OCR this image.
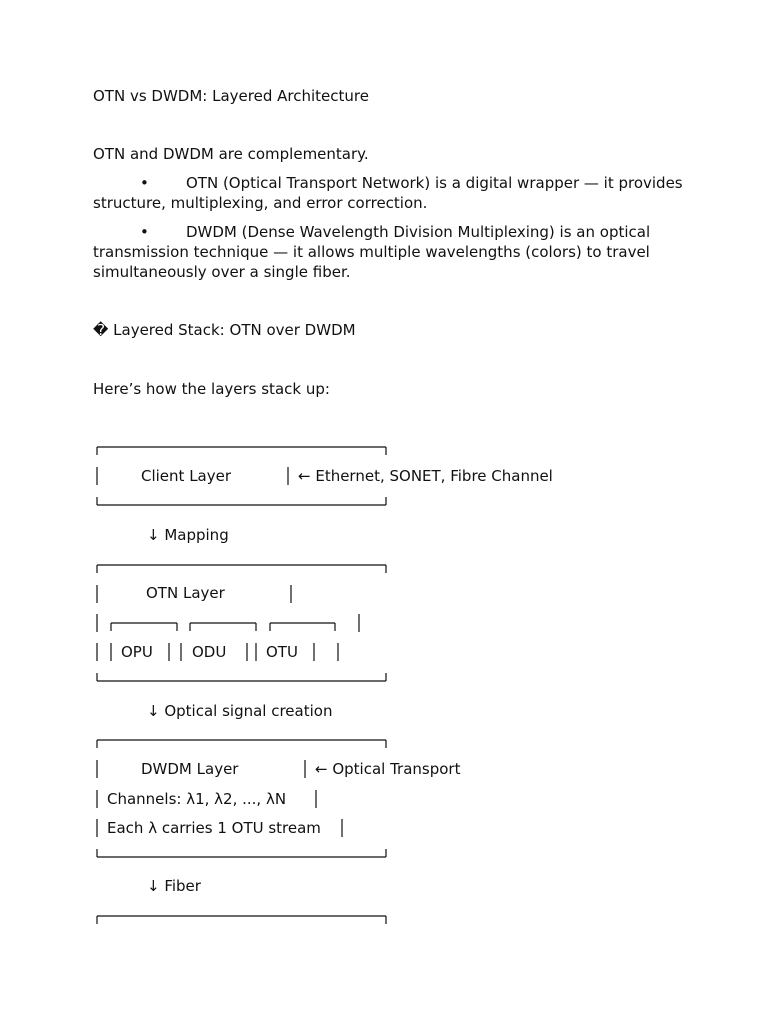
OTN vs DWDM: Layered Architecture
OTN and DWDM are complementary.
•	OTN (Optical Transport Network) is a digital wrapper — it provides structure, multiplexing, and error correction.
•	DWDM (Dense Wavelength Division Multiplexing) is an optical transmission technique — it allows multiple wavelengths (colors) to travel simultaneously over a single fiber.
� Layered Stack: OTN over DWDM
Here’s how the layers stack up:
Client Layer	← Ethernet, SONET, Fibre Channel
↓ Mapping
OTN Layer
OPU	ODU	OTU
↓ Optical signal creation
DWDM Layer	← Optical Transport
Channels: λ1, λ2, ..., λN
Each λ carries 1 OTU stream
↓ Fiber
